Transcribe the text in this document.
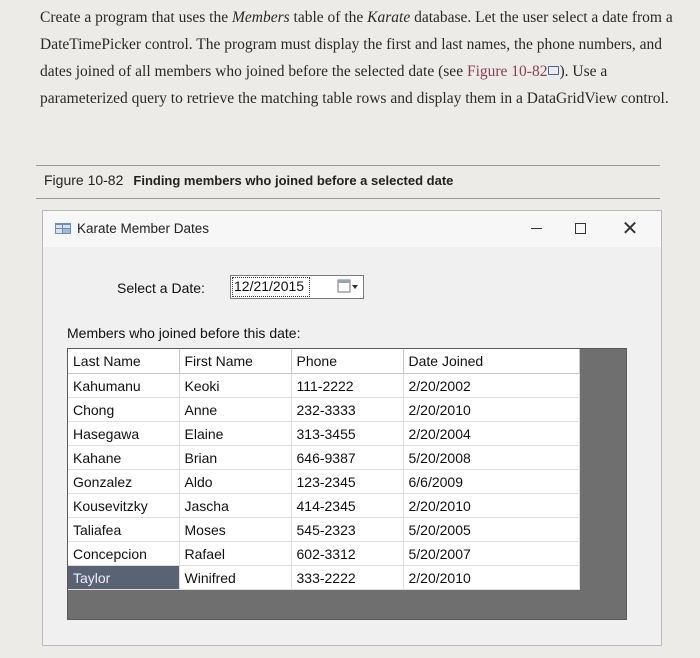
Create a program that uses the Members table of the Karate database. Let the user select a date from a DateTimePicker control. The program must display the first and last names, the phone numbers, and dates joined of all members who joined before the selected date (see Figure 10-82 ). Use a parameterized query to retrieve the matching table rows and display them in a DataGridView control.

Figure 10-82 Finding members who joined before a selected date
Karate Member Dates	✕
Select a Date: 12/21/2015
Members who joined before this date:
Last Name	First Name	Phone	Date Joined
Kahumanu	Keoki	111-2222	2/20/2002
Chong	Anne	232-3333	2/20/2010
Hasegawa	Elaine	313-3455	2/20/2004
Kahane	Brian	646-9387	5/20/2008
Gonzalez	Aldo	123-2345	6/6/2009
Kousevitzky	Jascha	414-2345	2/20/2010
Taliafea	Moses	545-2323	5/20/2005
Concepcion	Rafael	602-3312	5/20/2007
Taylor	Winifred	333-2222	2/20/2010
